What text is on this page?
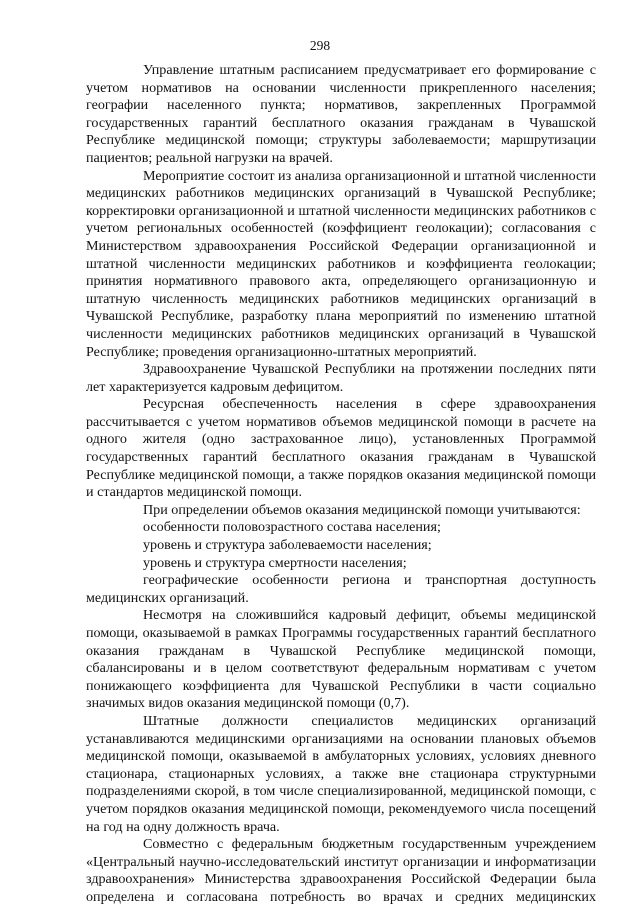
298

Управление штатным расписанием предусматривает его формирование с учетом нормативов на основании численности прикрепленного населения; географии населенного пункта; нормативов, закрепленных Программой государственных гарантий бесплатного оказания гражданам в Чувашской Республике медицинской помощи; структуры заболеваемости; маршрутизации пациентов; реальной нагрузки на врачей.

Мероприятие состоит из анализа организационной и штатной численности медицинских работников медицинских организаций в Чувашской Республике; корректировки организационной и штатной численности медицинских работников с учетом региональных особенностей (коэффициент геолокации); согласования с Министерством здравоохранения Российской Федерации организационной и штатной численности медицинских работников и коэффициента геолокации; принятия нормативного правового акта, определяющего организационную и штатную численность медицинских работников медицинских организаций в Чувашской Республике, разработку плана мероприятий по изменению штатной численности медицинских работников медицинских организаций в Чувашской Республике; проведения организационно-штатных мероприятий.

Здравоохранение Чувашской Республики на протяжении последних пяти лет характеризуется кадровым дефицитом.

Ресурсная обеспеченность населения в сфере здравоохранения рассчитывается с учетом нормативов объемов медицинской помощи в расчете на одного жителя (одно застрахованное лицо), установленных Программой государственных гарантий бесплатного оказания гражданам в Чувашской Республике медицинской помощи, а также порядков оказания медицинской помощи и стандартов медицинской помощи.

При определении объемов оказания медицинской помощи учитываются:

особенности половозрастного состава населения;

уровень и структура заболеваемости населения;

уровень и структура смертности населения;

географические особенности региона и транспортная доступность медицинских организаций.

Несмотря на сложившийся кадровый дефицит, объемы медицинской помощи, оказываемой в рамках Программы государственных гарантий бесплатного оказания гражданам в Чувашской Республике медицинской помощи, сбалансированы и в целом соответствуют федеральным нормативам с учетом понижающего коэффициента для Чувашской Республики в части социально значимых видов оказания медицинской помощи (0,7).

Штатные должности специалистов медицинских организаций устанавливаются медицинскими организациями на основании плановых объемов медицинской помощи, оказываемой в амбулаторных условиях, условиях дневного стационара, стационарных условиях, а также вне стационара структурными подразделениями скорой, в том числе специализированной, медицинской помощи, с учетом порядков оказания медицинской помощи, рекомендуемого числа посещений на год на одну должность врача.

Совместно с федеральным бюджетным государственным учреждением «Центральный научно-исследовательский институт организации и информатизации здравоохранения» Министерства здравоохранения Российской Федерации была определена и согласована потребность во врачах и средних медицинских
